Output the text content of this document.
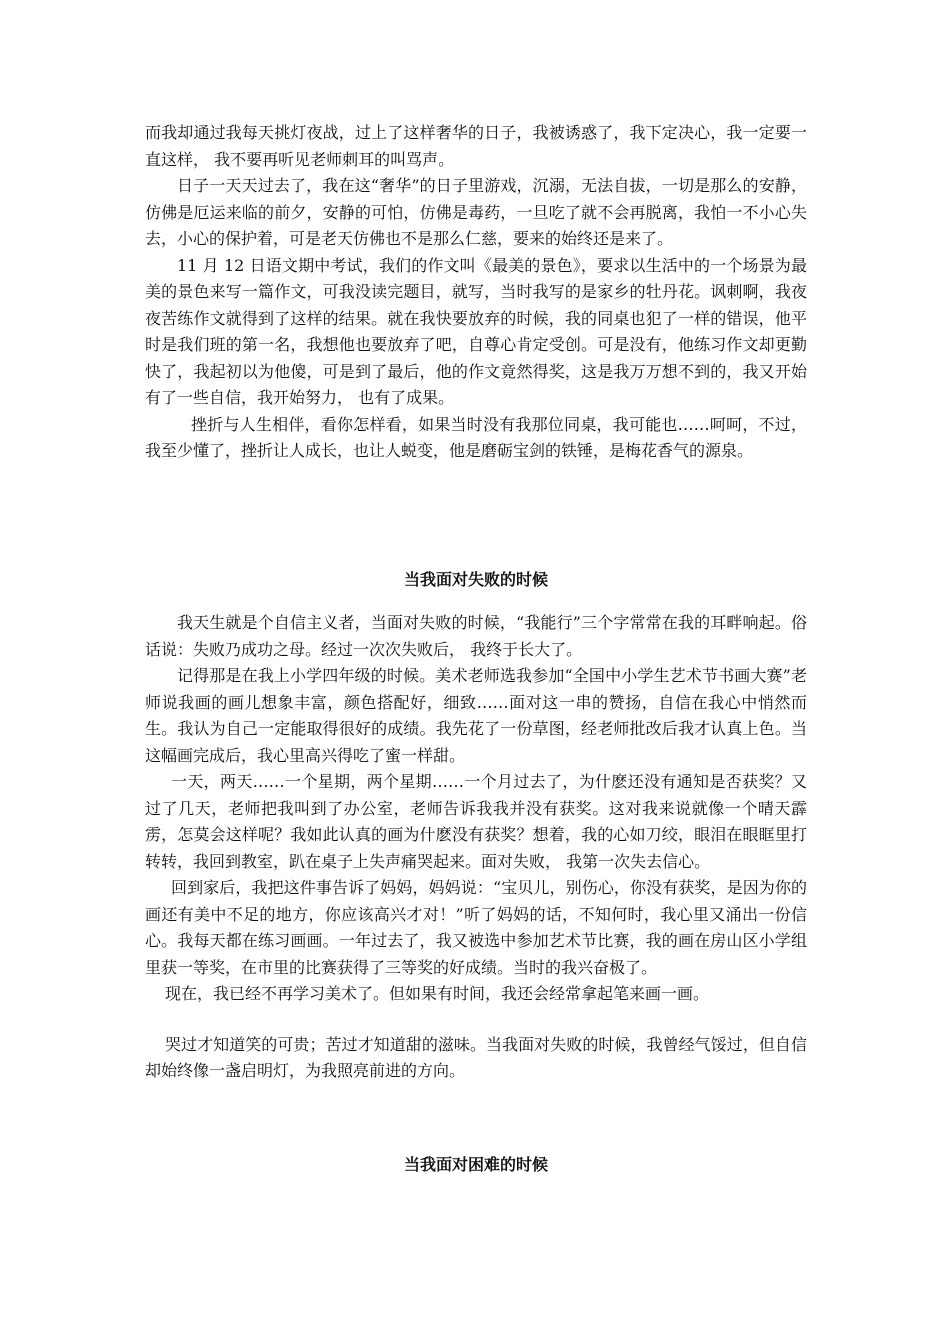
而我却通过我每天挑灯夜战，过上了这样奢华的日子，我被诱惑了，我下定决心，我一定要一直这样， 我不要再听见老师刺耳的叫骂声。

日子一天天过去了，我在这“奢华”的日子里游戏，沉溺，无法自拔，一切是那么的安静，仿佛是厄运来临的前夕，安静的可怕，仿佛是毒药，一旦吃了就不会再脱离，我怕一不小心失去，小心的保护着，可是老天仿佛也不是那么仁慈，要来的始终还是来了。

11 月 12 日语文期中考试，我们的作文叫《最美的景色》，要求以生活中的一个场景为最美的景色来写一篇作文，可我没读完题目，就写，当时我写的是家乡的牡丹花。讽刺啊，我夜夜苦练作文就得到了这样的结果。就在我快要放弃的时候，我的同桌也犯了一样的错误，他平时是我们班的第一名，我想他也要放弃了吧，自尊心肯定受创。可是没有，他练习作文却更勤快了，我起初以为他傻，可是到了最后，他的作文竟然得奖，这是我万万想不到的，我又开始有了一些自信，我开始努力， 也有了成果。

挫折与人生相伴，看你怎样看，如果当时没有我那位同桌，我可能也……呵呵，不过，我至少懂了，挫折让人成长，也让人蜕变，他是磨砺宝剑的铁锤，是梅花香气的源泉。

当我面对失败的时候

我天生就是个自信主义者，当面对失败的时候，“我能行”三个字常常在我的耳畔响起。俗话说：失败乃成功之母。经过一次次失败后， 我终于长大了。

记得那是在我上小学四年级的时候。美术老师选我参加“全国中小学生艺术节书画大赛”老师说我画的画儿想象丰富，颜色搭配好，细致……面对这一串的赞扬，自信在我心中悄然而生。我认为自己一定能取得很好的成绩。我先花了一份草图，经老师批改后我才认真上色。当这幅画完成后，我心里高兴得吃了蜜一样甜。

一天，两天……一个星期，两个星期……一个月过去了，为什麽还没有通知是否获奖？又过了几天，老师把我叫到了办公室，老师告诉我我并没有获奖。这对我来说就像一个晴天霹雳，怎莫会这样呢？我如此认真的画为什麽没有获奖？想着，我的心如刀绞，眼泪在眼眶里打转转，我回到教室，趴在桌子上失声痛哭起来。面对失败， 我第一次失去信心。

回到家后，我把这件事告诉了妈妈，妈妈说：“宝贝儿，别伤心，你没有获奖，是因为你的画还有美中不足的地方，你应该高兴才对！”听了妈妈的话，不知何时，我心里又涌出一份信心。我每天都在练习画画。一年过去了，我又被选中参加艺术节比赛，我的画在房山区小学组里获一等奖，在市里的比赛获得了三等奖的好成绩。当时的我兴奋极了。

现在，我已经不再学习美术了。但如果有时间，我还会经常拿起笔来画一画。

哭过才知道笑的可贵；苦过才知道甜的滋味。当我面对失败的时候，我曾经气馁过，但自信却始终像一盏启明灯，为我照亮前进的方向。

当我面对困难的时候
